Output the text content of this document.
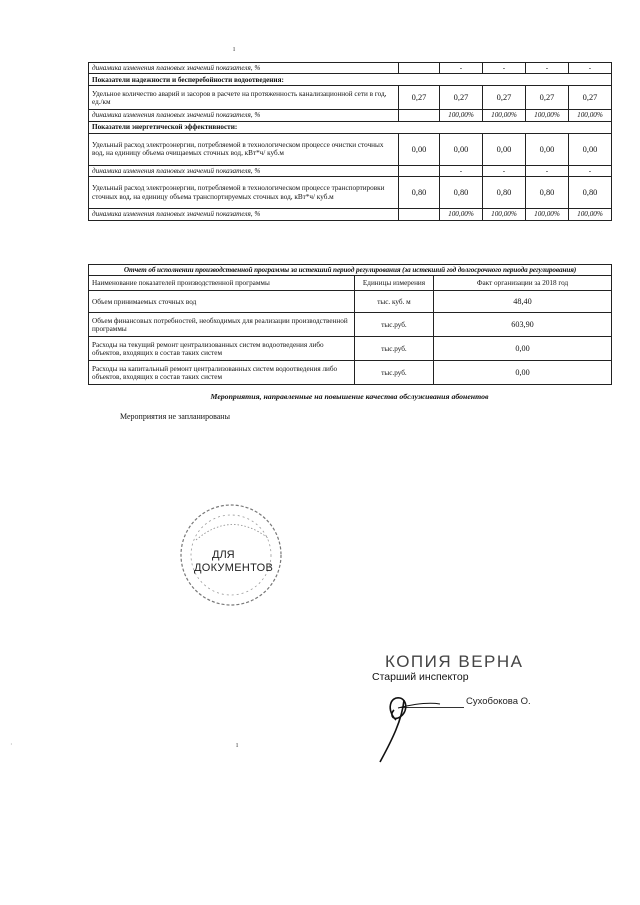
ı
динамика изменения плановых значений показателя, %		-	-	-	-
Показатели надежности и бесперебойности водоотведения:					
Удельное количество аварий и засоров в расчете на протяженность канализационной сети в год, ед./км	0,27	0,27	0,27	0,27	0,27
динамика изменения плановых значений показателя, %		100,00%	100,00%	100,00%	100,00%
Показатели энергетической эффективности:					
Удельный расход электроэнергии, потребляемой в технологическом процессе очистки сточных вод, на единицу объема очищаемых сточных вод, кВт*ч/ куб.м	0,00	0,00	0,00	0,00	0,00
динамика изменения плановых значений показателя, %		-	-	-	-
Удельный расход электроэнергии, потребляемой в технологическом процессе транспортировки сточных вод, на единицу объема транспортируемых сточных вод, кВт*ч/ куб.м	0,80	0,80	0,80	0,80	0,80
динамика изменения плановых значений показателя, %		100,00%	100,00%	100,00%	100,00%
Отчет об исполнении производственной программы за истекший период регулирования (за истекший год долгосрочного периода регулирования)		
Наименование показателей производственной программы	Единицы измерения	Факт организации за 2018 год
Объем принимаемых сточных вод	тыс. куб. м	48,40
Объем финансовых потребностей, необходимых для реализации производственной программы	тыс.руб.	603,90
Расходы на текущий ремонт централизованных систем водоотведения либо объектов, входящих в состав таких систем	тыс.руб.	0,00
Расходы на капитальный ремонт централизованных систем водоотведения либо объектов, входящих в состав таких систем	тыс.руб.	0,00
Мероприятия, направленные на повышение качества обслуживания абонентов
Мероприятия не запланированы
ДЛЯ
ДОКУМЕНТОВ
КОПИЯ ВЕРНА
Старший инспектор
Сухобокова О.
ı
·
